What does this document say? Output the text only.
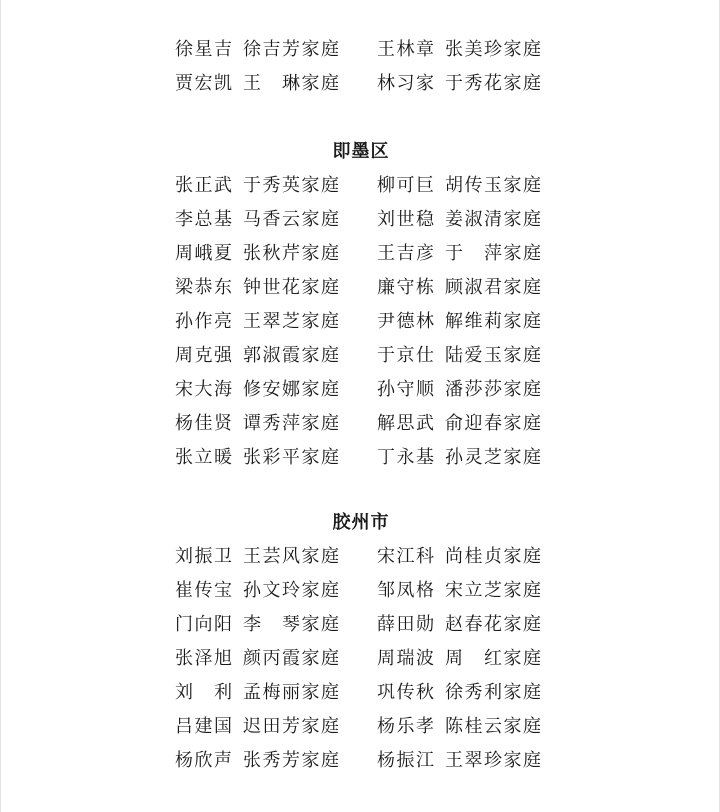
徐星吉 徐吉芳家庭 王林章 张美珍家庭
贾宏凯 王　琳家庭 林习家 于秀花家庭
即墨区
张正武 于秀英家庭 柳可巨 胡传玉家庭
李总基 马香云家庭 刘世稳 姜淑清家庭
周峨夏 张秋芹家庭 王吉彦 于　萍家庭
梁恭东 钟世花家庭 廉守栋 顾淑君家庭
孙作亮 王翠芝家庭 尹德林 解维莉家庭
周克强 郭淑霞家庭 于京仕 陆爱玉家庭
宋大海 修安娜家庭 孙守顺 潘莎莎家庭
杨佳贤 谭秀萍家庭 解思武 俞迎春家庭
张立暖 张彩平家庭 丁永基 孙灵芝家庭
胶州市
刘振卫 王芸风家庭 宋江科 尚桂贞家庭
崔传宝 孙文玲家庭 邹凤格 宋立芝家庭
门向阳 李　琴家庭 薛田勋 赵春花家庭
张泽旭 颜丙霞家庭 周瑞波 周　红家庭
刘　利 孟梅丽家庭 巩传秋 徐秀利家庭
吕建国 迟田芳家庭 杨乐孝 陈桂云家庭
杨欣声 张秀芳家庭 杨振江 王翠珍家庭
